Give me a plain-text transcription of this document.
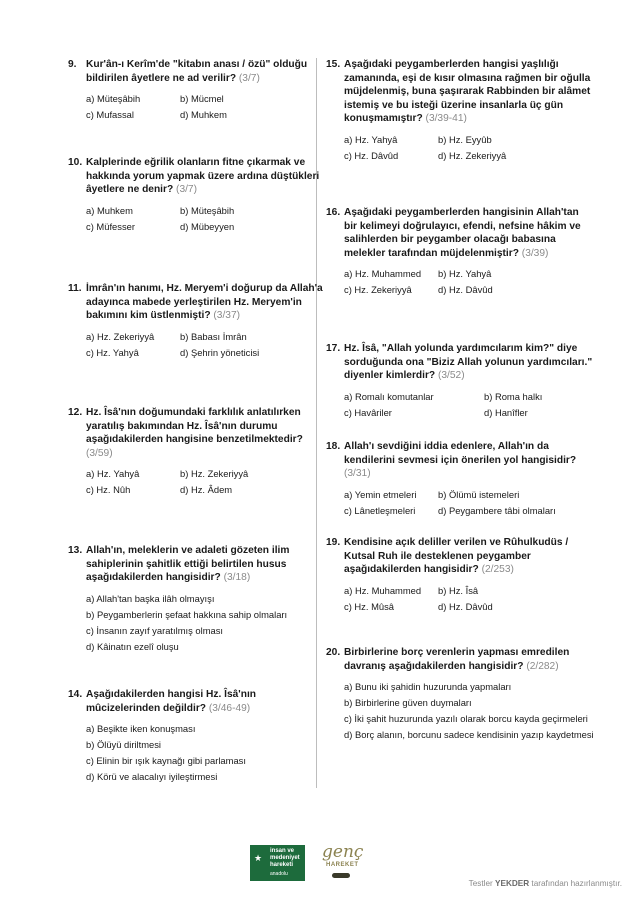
9. Kur'ân-ı Kerîm'de "kitabın anası / özü" olduğu bildirilen âyetlere ne ad verilir? (3/7)
a) Müteşâbih	b) Mücmel
c) Mufassal	d) Muhkem
10. Kalplerinde eğrilik olanların fitne çıkarmak ve hakkında yorum yapmak üzere ardına düştükleri âyetlere ne denir? (3/7)
a) Muhkem	b) Müteşâbih
c) Müfesser	d) Mübeyyen
11. İmrân'ın hanımı, Hz. Meryem'i doğurup da Allah'a adayınca mabede yerleştirilen Hz. Meryem'in bakımını kim üstlenmişti? (3/37)
a) Hz. Zekeriyyâ	b) Babası İmrân
c) Hz. Yahyâ	d) Şehrin yöneticisi
12. Hz. Îsâ'nın doğumundaki farklılık anlatılırken yaratılış bakımından Hz. Îsâ'nın durumu aşağıdakilerden hangisine benzetilmektedir? (3/59)
a) Hz. Yahyâ	b) Hz. Zekeriyyâ
c) Hz. Nûh	d) Hz. Âdem
13. Allah'ın, meleklerin ve adaleti gözeten ilim sahiplerinin şahitlik ettiği belirtilen husus aşağıdakilerden hangisidir? (3/18)
a) Allah'tan başka ilâh olmayışı
b) Peygamberlerin şefaat hakkına sahip olmaları
c) İnsanın zayıf yaratılmış olması
d) Kâinatın ezelî oluşu
14. Aşağıdakilerden hangisi Hz. Îsâ'nın mûcizelerinden değildir? (3/46-49)
a) Beşikte iken konuşması
b) Ölüyü diriltmesi
c) Elinin bir ışık kaynağı gibi parlaması
d) Körü ve alacalıyı iyileştirmesi
15. Aşağıdaki peygamberlerden hangisi yaşlılığı zamanında, eşi de kısır olmasına rağmen bir oğulla müjdelenmiş, buna şaşırarak Rabbinden bir alâmet istemiş ve bu isteği üzerine insanlarla üç gün konuşmamıştır? (3/39-41)
a) Hz. Yahyâ	b) Hz. Eyyûb
c) Hz. Dâvûd	d) Hz. Zekeriyyâ
16. Aşağıdaki peygamberlerden hangisinin Allah'tan bir kelimeyi doğrulayıcı, efendi, nefsine hâkim ve salihlerden bir peygamber olacağı babasına melekler tarafından müjdelenmiştir? (3/39)
a) Hz. Muhammed	b) Hz. Yahyâ
c) Hz. Zekeriyyâ	d) Hz. Dâvûd
17. Hz. Îsâ, "Allah yolunda yardımcılarım kim?" diye sorduğunda ona "Biziz Allah yolunun yardımcıları." diyenler kimlerdir? (3/52)
a) Romalı komutanlar	b) Roma halkı
c) Havâriler	d) Hanîfler
18. Allah'ı sevdiğini iddia edenlere, Allah'ın da kendilerini sevmesi için önerilen yol hangisidir? (3/31)
a) Yemin etmeleri	b) Ölümü istemeleri
c) Lânetleşmeleri	d) Peygambere tâbi olmaları
19. Kendisine açık deliller verilen ve Rûhulkudüs / Kutsal Ruh ile desteklenen peygamber aşağıdakilerden hangisidir? (2/253)
a) Hz. Muhammed	b) Hz. Îsâ
c) Hz. Mûsâ	d) Hz. Dâvûd
20. Birbirlerine borç verenlerin yapması emredilen davranış aşağıdakilerden hangisidir? (2/282)
a) Bunu iki şahidin huzurunda yapmaları
b) Birbirlerine güven duymaları
c) İki şahit huzurunda yazılı olarak borcu kayda geçirmeleri
d) Borç alanın, borcunu sadece kendisinin yazıp kaydetmesi
★
insan ve medeniyet hareketi
anadolu
genç
HAREKET
Testler YEKDER tarafından hazırlanmıştır.
